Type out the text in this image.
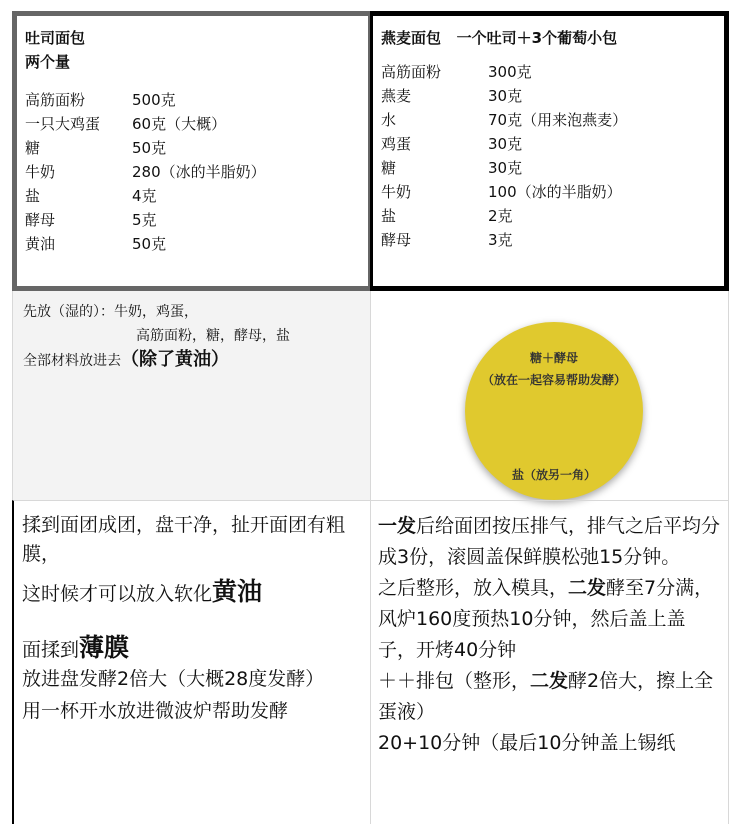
吐司面包
两个量
高筋面粉	500克
一只大鸡蛋	60克（大概）
糖	50克
牛奶	280（冰的半脂奶）
盐	4克
酵母	5克
黄油	50克
燕麦面包   一个吐司＋3个葡萄小包
高筋面粉	300克
燕麦	30克
水	70克（用来泡燕麦）
鸡蛋	30克
糖	30克
牛奶	100（冰的半脂奶）
盐	2克
酵母	3克
先放（湿的）：牛奶，鸡蛋，
高筋面粉，糖，酵母，盐
全部材料放进去（除了黄油）	糖＋酵母
（放在一起容易帮助发酵）
盐（放另一角）

揉到面团成团，盘干净，扯开面团有粗膜，

这时候才可以放入软化黄油

面揉到薄膜

放进盘发酵2倍大（大概28度发酵）

用一杯开水放进微波炉帮助发酵

一发后给面团按压排气，排气之后平均分成3份，滚圆盖保鲜膜松弛15分钟。

之后整形，放入模具，二发酵至7分满，风炉160度预热10分钟，然后盖上盖子，开烤40分钟

＋＋排包（整形，二发酵2倍大，擦上全蛋液）

20+10分钟（最后10分钟盖上锡纸
